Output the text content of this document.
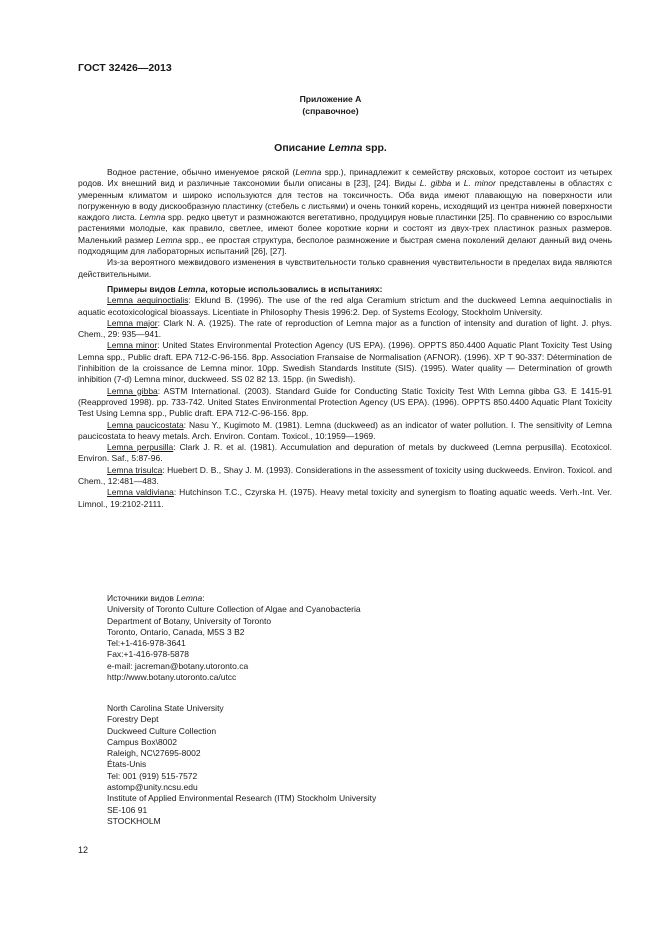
ГОСТ 32426—2013
Приложение А
(справочное)
Описание Lemna spp.

Водное растение, обычно именуемое ряской (Lemna spp.), принадлежит к семейству рясковых, которое состоит из четырех родов. Их внешний вид и различные таксономии были описаны в [23], [24]. Виды L. gibba и L. minor представлены в областях с умеренным климатом и широко используются для тестов на токсичность. Оба вида имеют плавающую на поверхности или погруженную в воду дискообразную пластинку (стебель с листьями) и очень тонкий корень, исходящий из центра нижней поверхности каждого листа. Lemna spp. редко цветут и размножаются вегетативно, продуцируя новые пластинки [25]. По сравнению со взрослыми растениями молодые, как правило, светлее, имеют более короткие корни и состоят из двух-трех пластинок разных размеров. Маленький размер Lemna spp., ее простая структура, бесполое размножение и быстрая смена поколений делают данный вид очень подходящим для лабораторных испытаний [26], [27].

Из-за вероятного межвидового изменения в чувствительности только сравнения чувствительности в пределах вида являются действительными.

Примеры видов Lemna, которые использовались в испытаниях:

Lemna aequinoctialis: Eklund B. (1996). The use of the red alga Ceramium strictum and the duckweed Lemna aequinoctialis in aquatic ecotoxicological bioassays. Licentiate in Philosophy Thesis 1996:2. Dep. of Systems Ecology, Stockholm University.

Lemna major: Clark N. A. (1925). The rate of reproduction of Lemna major as a function of intensity and duration of light. J. phys. Chem., 29: 935—941.

Lemna minor: United States Environmental Protection Agency (US EPA). (1996). OPPTS 850.4400 Aquatic Plant Toxicity Test Using Lemna spp., Public draft. EPA 712-C-96-156. 8pp. Association Fransaise de Normalisation (AFNOR). (1996). XP T 90-337: Détermination de l'inhibition de la croissance de Lemna minor. 10pp. Swedish Standards Institute (SIS). (1995). Water quality — Determination of growth inhibition (7-d) Lemna minor, duckweed. SS 02 82 13. 15pp. (in Swedish).

Lemna gibba: ASTM International. (2003). Standard Guide for Conducting Static Toxicity Test With Lemna gibba G3. E 1415-91 (Reapproved 1998). pp. 733-742. United States Environmental Protection Agency (US EPA). (1996). OPPTS 850.4400 Aquatic Plant Toxicity Test Using Lemna spp., Public draft. EPA 712-C-96-156. 8pp.

Lemna paucicostata: Nasu Y., Kugimoto M. (1981). Lemna (duckweed) as an indicator of water pollution. I. The sensitivity of Lemna paucicostata to heavy metals. Arch. Environ. Contam. Toxicol., 10:1959—1969.

Lemna perpusilla: Clark J. R. et al. (1981). Accumulation and depuration of metals by duckweed (Lemna perpusilla). Ecotoxicol. Environ. Saf., 5:87-96.

Lemna trisulca: Huebert D. B., Shay J. M. (1993). Considerations in the assessment of toxicity using duckweeds. Environ. Toxicol. and Chem., 12:481—483.

Lemna valdiviana: Hutchinson T.C., Czyrska H. (1975). Heavy metal toxicity and synergism to floating aquatic weeds. Verh.-Int. Ver. Limnol., 19:2102-2111.

Источники видов Lemna:
University of Toronto Culture Collection of Algae and Cyanobacteria
Department of Botany, University of Toronto
Toronto, Ontario, Canada, M5S 3 B2
Tel:+1-416-978-3641
Fax:+1-416-978-5878
e-mail: jacreman@botany.utoronto.ca
http://www.botany.utoronto.ca/utcc
North Carolina State University
Forestry Dept
Duckweed Culture Collection
Campus Box\8002
Raleigh, NC\27695-8002
États-Unis
Tel: 001 (919) 515-7572
astomp@unity.ncsu.edu
Institute of Applied Environmental Research (ITM) Stockholm University
SE-106 91
STOCKHOLM
12
